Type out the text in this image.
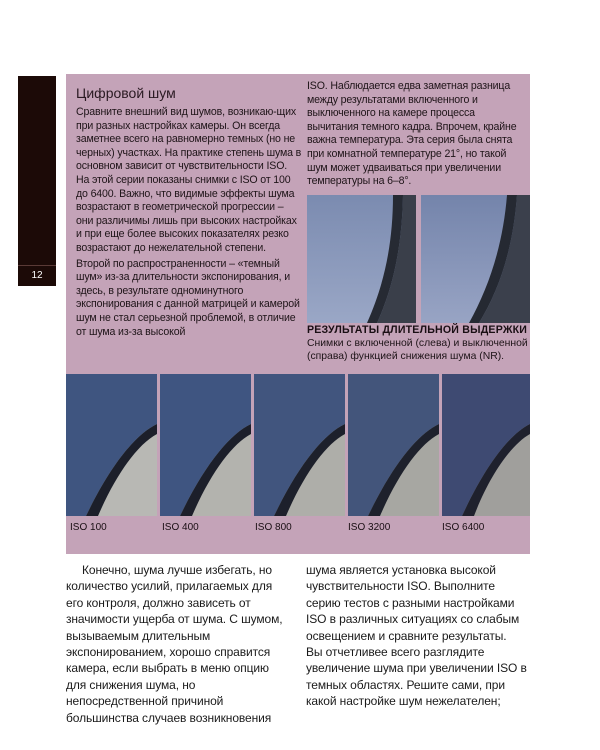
12
Цифровой шум

Сравните внешний вид шумов, возникаю-щих при разных настройках камеры. Он всегда заметнее всего на равномерно темных (но не черных) участках. На практике степень шума в основном зависит от чувствительности ISO. На этой серии показаны снимки с ISO от 100 до 6400. Важно, что видимые эффекты шума возрастают в геометрической прогрессии – они различимы лишь при высоких настройках и при еще более высоких показателях резко возрастают до нежелательной степени.

Второй по распространенности – «темный шум» из-за длительности экспонирования, и здесь, в результате одноминутного экспонирования с данной матрицей и камерой шум не стал серьезной проблемой, в отличие от шума из-за высокой

ISO. Наблюдается едва заметная разница между результатами включенного и выключенного на камере процесса вычитания темного кадра. Впрочем, крайне важна температура. Эта серия была снята при комнатной температуре 21°, но такой шум может удваиваться при увеличении температуры на 6–8°.

РЕЗУЛЬТАТЫ ДЛИТЕЛЬНОЙ ВЫДЕРЖКИ
Снимки с включенной (слева) и выключенной (справа) функцией снижения шума (NR).
ISO 100	ISO 400	ISO 800	ISO 3200	ISO 6400

Конечно, шума лучше избегать, но количество усилий, прилагаемых для его контроля, должно зависеть от значимости ущерба от шума. С шумом, вызываемым длительным экспонированием, хорошо справится камера, если выбрать в меню опцию для снижения шума, но непосредственной причиной большинства случаев возникновения

шума является установка высокой чувствительности ISO. Выполните серию тестов с разными настройками ISO в различных ситуациях со слабым освещением и сравните результаты.

Вы отчетливее всего разглядите увеличение шума при увеличении ISO в темных областях. Решите сами, при какой настройке шум нежелателен;
